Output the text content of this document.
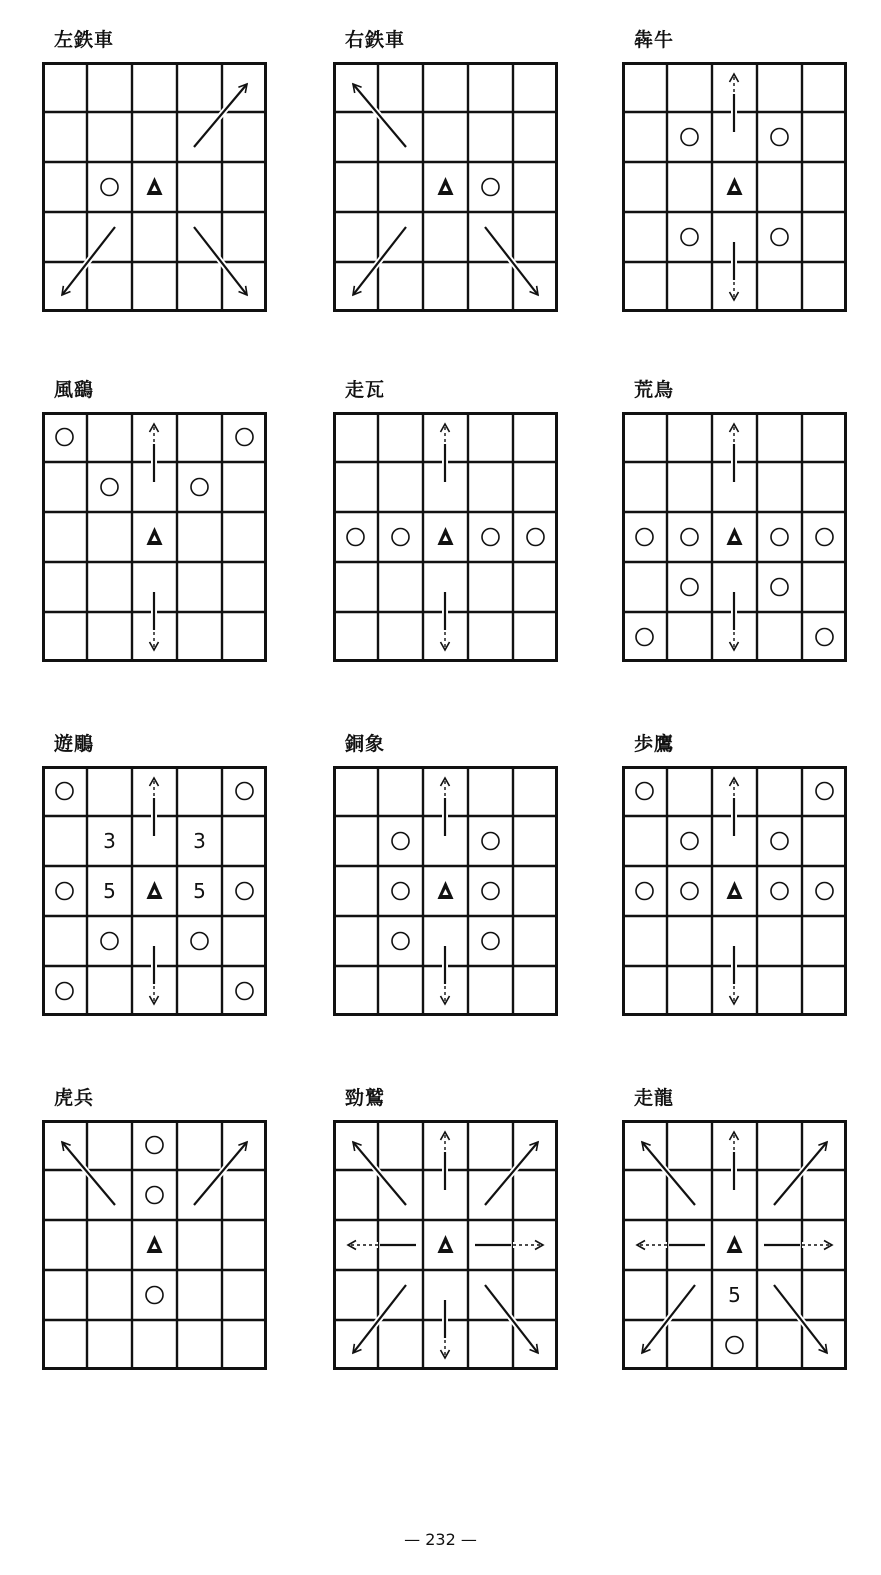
左鉄車	右鉄車	犇牛
風鷂	走瓦	荒鳥
遊鵰
3	3
5	5
銅象	歩鷹
虎兵	勁鷲	走龍
5
— 232 —
